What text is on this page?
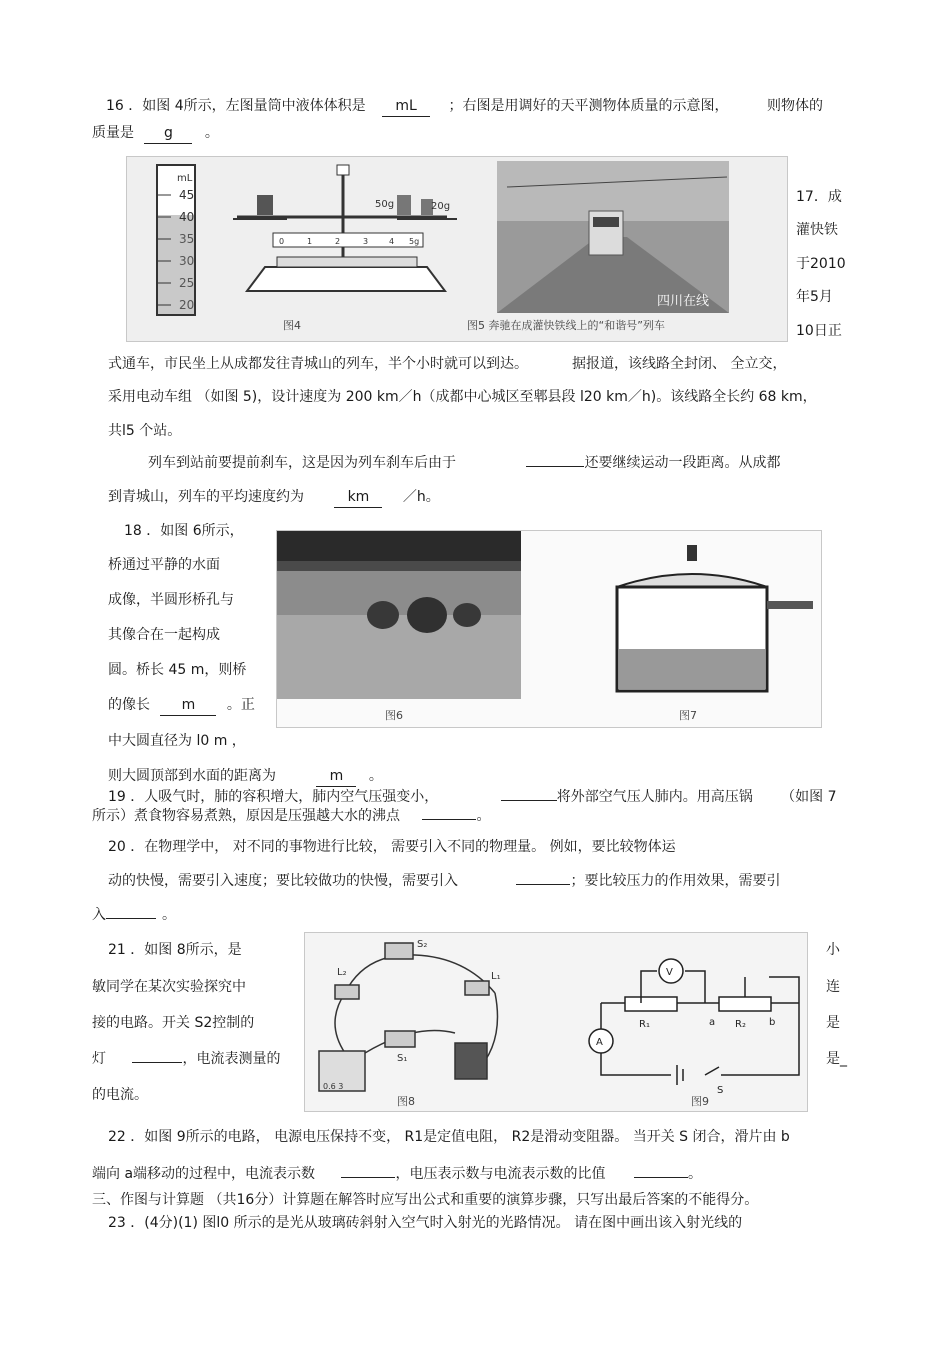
16 ．如图 4所示，左图量筒中液体体积是 mL ；右图是用调好的天平测物体质量的示意图，	则物体的
质量是 g 。
mL
45
40
35
30
25
20
50g	20g
0	1	2	3	4 5g
图4
四川在线
图5 奔驰在成灌快铁线上的“和谐号”列车
17．成
灌快铁
于2010
年5月
10日正
式通车，市民坐上从成都发往青城山的列车，半个小时就可以到达。	据报道，该线路全封闭、 全立交，
采用电动车组 （如图 5)，设计速度为 200 km／h（成都中心城区至郫县段 l20 km／h)。该线路全长约 68 km，
共l5 个站。
列车到站前要提前刹车，这是因为列车刹车后由于	还要继续运动一段距离。从成都
到青城山，列车的平均速度约为	km ／h。
18 ．如图 6所示，
桥通过平静的水面
成像，半圆形桥孔与
其像合在一起构成
圆。桥长 45 m，则桥
的像长 m 。正
中大圆直径为 l0 m ，
则大圆顶部到水面的距离为	m 。
图6	图7
19 ．人吸气时，肺的容积增大，肺内空气压强变小，	将外部空气压人肺内。用高压锅 （如图 7
所示）煮食物容易煮熟，原因是压强越大水的沸点	。
20 ．在物理学中， 对不同的事物进行比较， 需要引入不同的物理量。 例如，要比较物体运
动的快慢，需要引入速度；要比较做功的快慢，需要引入	；要比较压力的作用效果，需要引
入	。
21 ．如图 8所示，是
敏同学在某次实验探究中
接的电路。开关 S2控制的
灯	，电流表测量的
的电流。
小
连
是
是_
S₂
L₂	L₁
S₁
0.6 3
图8
V
A
R₁	a R₂ b
S
图9
22 ．如图 9所示的电路， 电源电压保持不变， R1是定值电阻， R2是滑动变阻器。 当开关 S 闭合，滑片由 b
端向 a端移动的过程中，电流表示数	，电压表示数与电流表示数的比值	。
三、作图与计算题 （共16分）计算题在解答时应写出公式和重要的演算步骤，只写出最后答案的不能得分。
23 ．(4分)(1) 图l0 所示的是光从玻璃砖斜射入空气时入射光的光路情况。 请在图中画出该入射光线的
